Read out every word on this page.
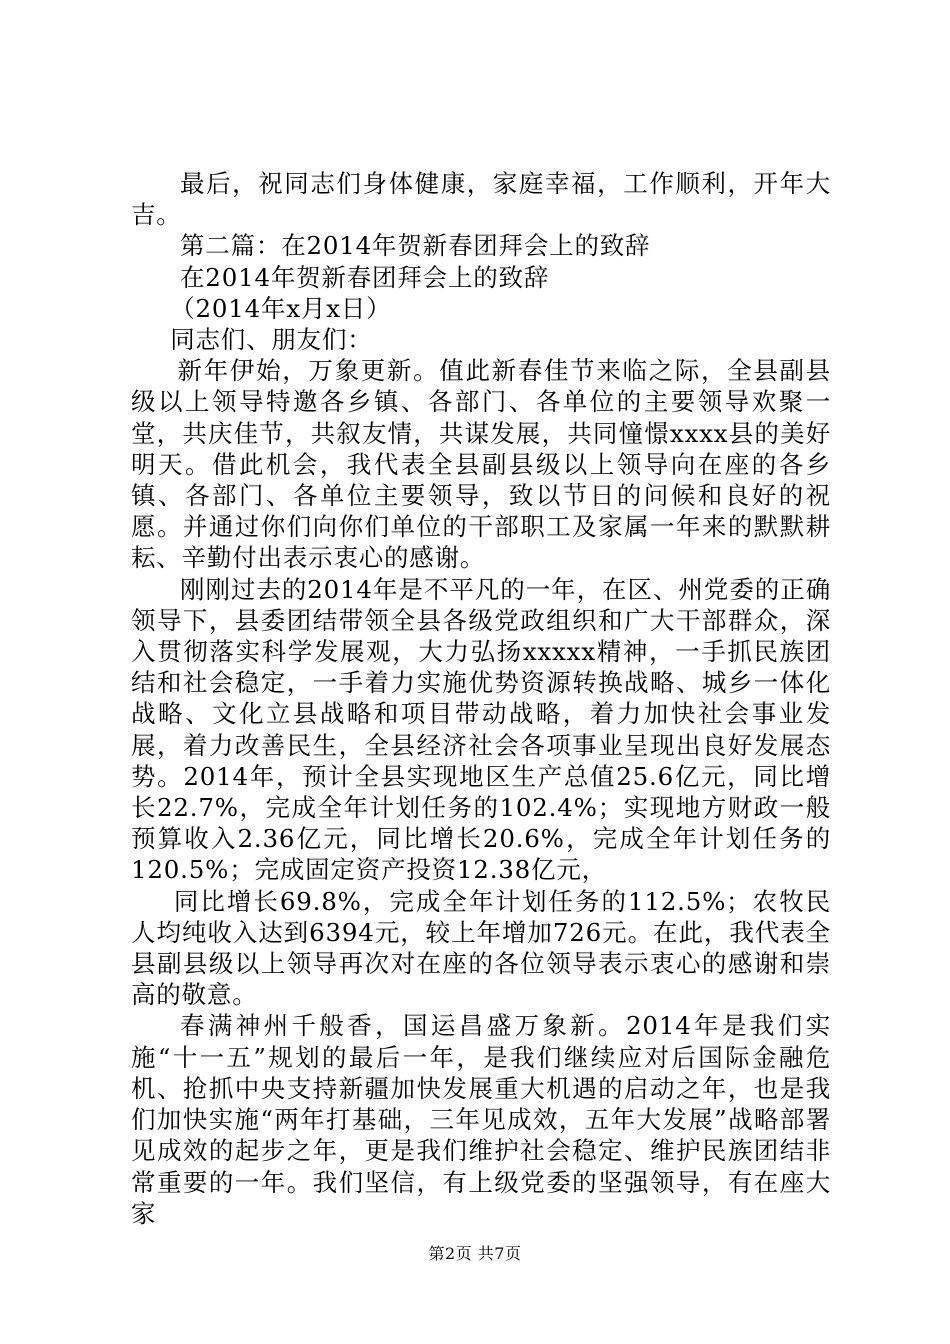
最后，祝同志们身体健康，家庭幸福，工作顺利，开年大吉。

第二篇：在2014年贺新春团拜会上的致辞

在2014年贺新春团拜会上的致辞

（2014年x月x日）

同志们、朋友们：

新年伊始，万象更新。值此新春佳节来临之际，全县副县级以上领导特邀各乡镇、各部门、各单位的主要领导欢聚一堂，共庆佳节，共叙友情，共谋发展，共同憧憬xxxx县的美好明天。借此机会，我代表全县副县级以上领导向在座的各乡镇、各部门、各单位主要领导，致以节日的问候和良好的祝愿。并通过你们向你们单位的干部职工及家属一年来的默默耕耘、辛勤付出表示衷心的感谢。

刚刚过去的2014年是不平凡的一年，在区、州党委的正确领导下，县委团结带领全县各级党政组织和广大干部群众，深入贯彻落实科学发展观，大力弘扬xxxxx精神，一手抓民族团结和社会稳定，一手着力实施优势资源转换战略、城乡一体化战略、文化立县战略和项目带动战略，着力加快社会事业发展，着力改善民生，全县经济社会各项事业呈现出良好发展态势。2014年，预计全县实现地区生产总值25.6亿元，同比增长22.7%，完成全年计划任务的102.4%；实现地方财政一般预算收入2.36亿元，同比增长20.6%，完成全年计划任务的120.5%；完成固定资产投资12.38亿元，

同比增长69.8%，完成全年计划任务的112.5%；农牧民人均纯收入达到6394元，较上年增加726元。在此，我代表全县副县级以上领导再次对在座的各位领导表示衷心的感谢和崇高的敬意。

春满神州千般香，国运昌盛万象新。2014年是我们实施“十一五”规划的最后一年，是我们继续应对后国际金融危机、抢抓中央支持新疆加快发展重大机遇的启动之年，也是我们加快实施“两年打基础，三年见成效，五年大发展”战略部署见成效的起步之年，更是我们维护社会稳定、维护民族团结非常重要的一年。我们坚信，有上级党委的坚强领导，有在座大家

第2页 共7页
